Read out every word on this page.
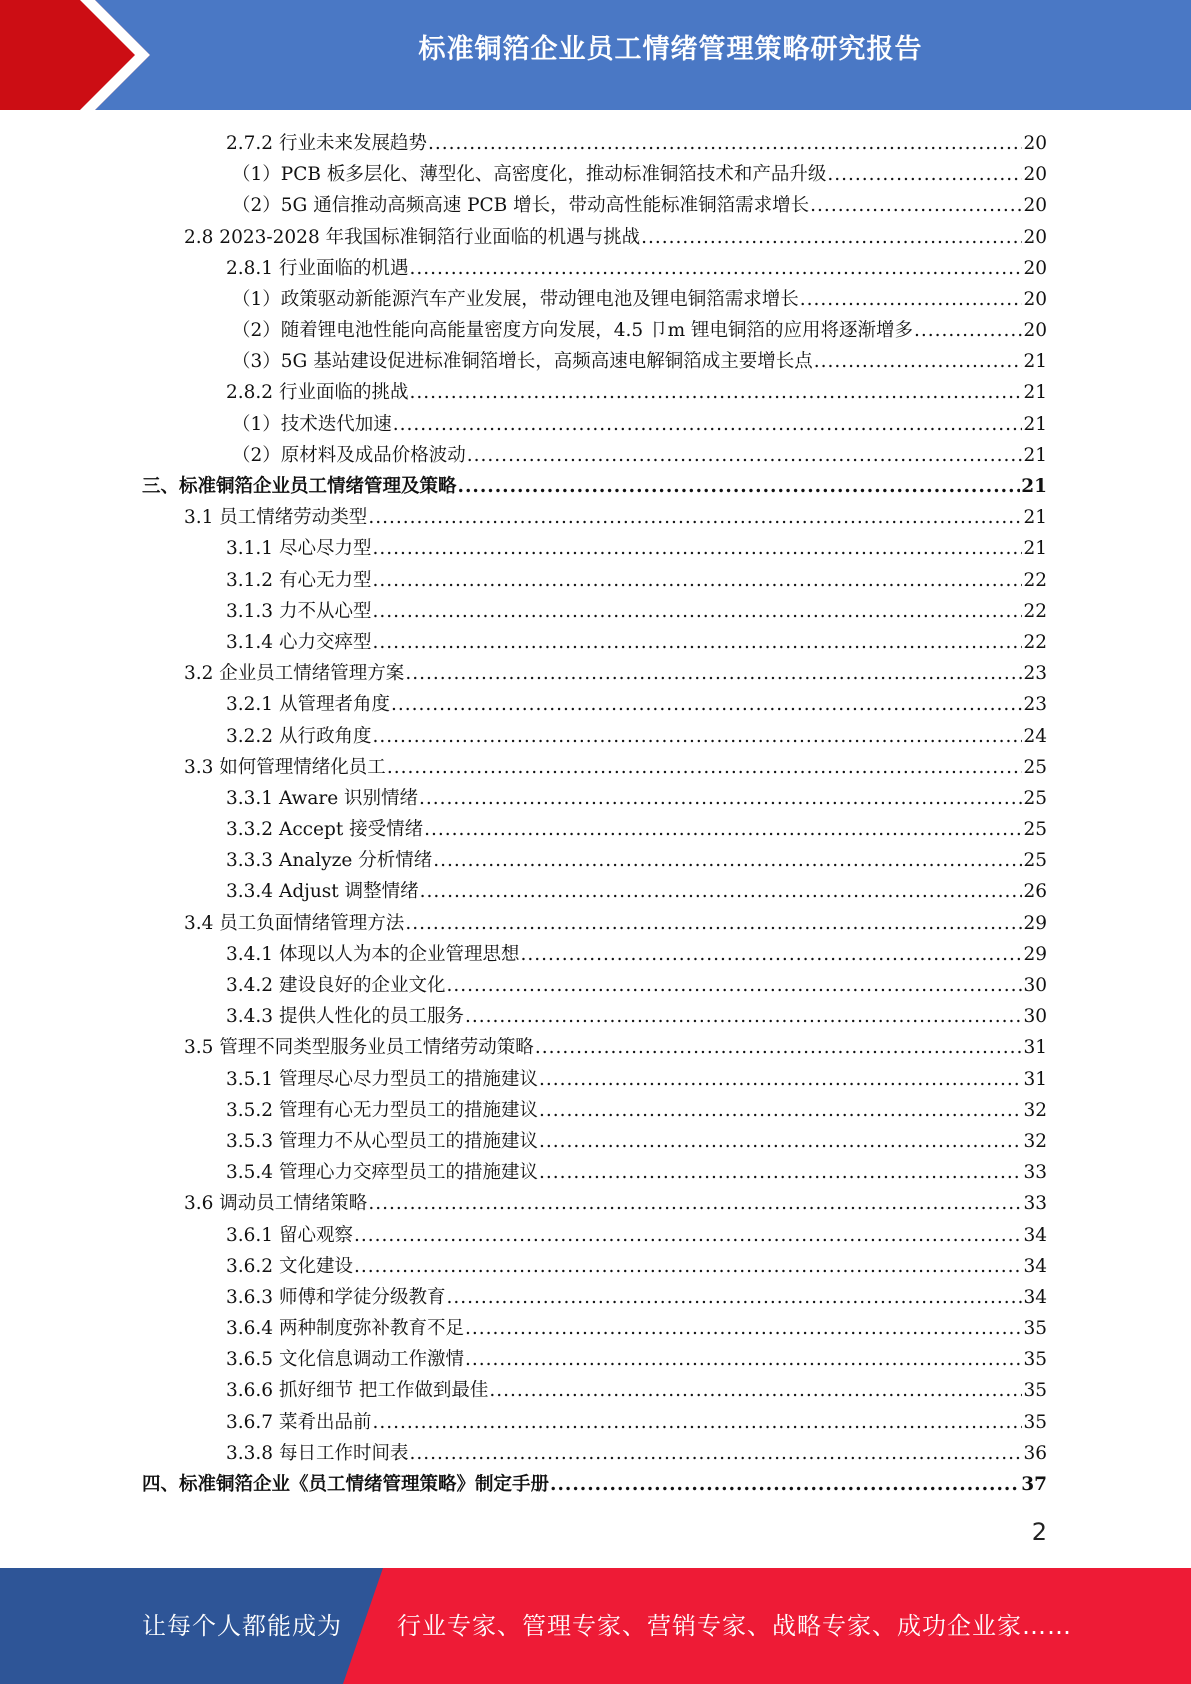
标准铜箔企业员工情绪管理策略研究报告
2.7.2 行业未来发展趋势 .....	20
（1）PCB 板多层化、薄型化、高密度化，推动标准铜箔技术和产品升级 .....	20
（2）5G 通信推动高频高速 PCB 增长，带动高性能标准铜箔需求增长 .....	20
2.8 2023-2028 年我国标准铜箔行业面临的机遇与挑战 .....	20
2.8.1 行业面临的机遇 .....	20
（1）政策驱动新能源汽车产业发展，带动锂电池及锂电铜箔需求增长 .....	20
（2）随着锂电池性能向高能量密度方向发展，4.5 卩m 锂电铜箔的应用将逐渐增多 .....	20
（3）5G 基站建设促进标准铜箔增长，高频高速电解铜箔成主要增长点 .....	21
2.8.2 行业面临的挑战 .....	21
（1）技术迭代加速 .....	21
（2）原材料及成品价格波动 .....	21
三、标准铜箔企业员工情绪管理及策略 .....	21
3.1 员工情绪劳动类型 .....	21
3.1.1 尽心尽力型 .....	21
3.1.2 有心无力型 .....	22
3.1.3 力不从心型 .....	22
3.1.4 心力交瘁型 .....	22
3.2 企业员工情绪管理方案 .....	23
3.2.1 从管理者角度 .....	23
3.2.2 从行政角度 .....	24
3.3 如何管理情绪化员工 .....	25
3.3.1 Aware 识别情绪 .....	25
3.3.2 Accept 接受情绪 .....	25
3.3.3 Analyze 分析情绪 .....	25
3.3.4 Adjust 调整情绪 .....	26
3.4 员工负面情绪管理方法 .....	29
3.4.1 体现以人为本的企业管理思想 .....	29
3.4.2 建设良好的企业文化 .....	30
3.4.3 提供人性化的员工服务 .....	30
3.5 管理不同类型服务业员工情绪劳动策略 .....	31
3.5.1 管理尽心尽力型员工的措施建议 .....	31
3.5.2 管理有心无力型员工的措施建议 .....	32
3.5.3 管理力不从心型员工的措施建议 .....	32
3.5.4 管理心力交瘁型员工的措施建议 .....	33
3.6 调动员工情绪策略 .....	33
3.6.1 留心观察 .....	34
3.6.2 文化建设 .....	34
3.6.3 师傅和学徒分级教育 .....	34
3.6.4 两种制度弥补教育不足 .....	35
3.6.5 文化信息调动工作激情 .....	35
3.6.6 抓好细节 把工作做到最佳 .....	35
3.6.7 菜肴出品前 .....	35
3.3.8 每日工作时间表 .....	36
四、标准铜箔企业《员工情绪管理策略》制定手册 .....	37
2
让每个人都能成为 行业专家、管理专家、营销专家、战略专家、成功企业家……
